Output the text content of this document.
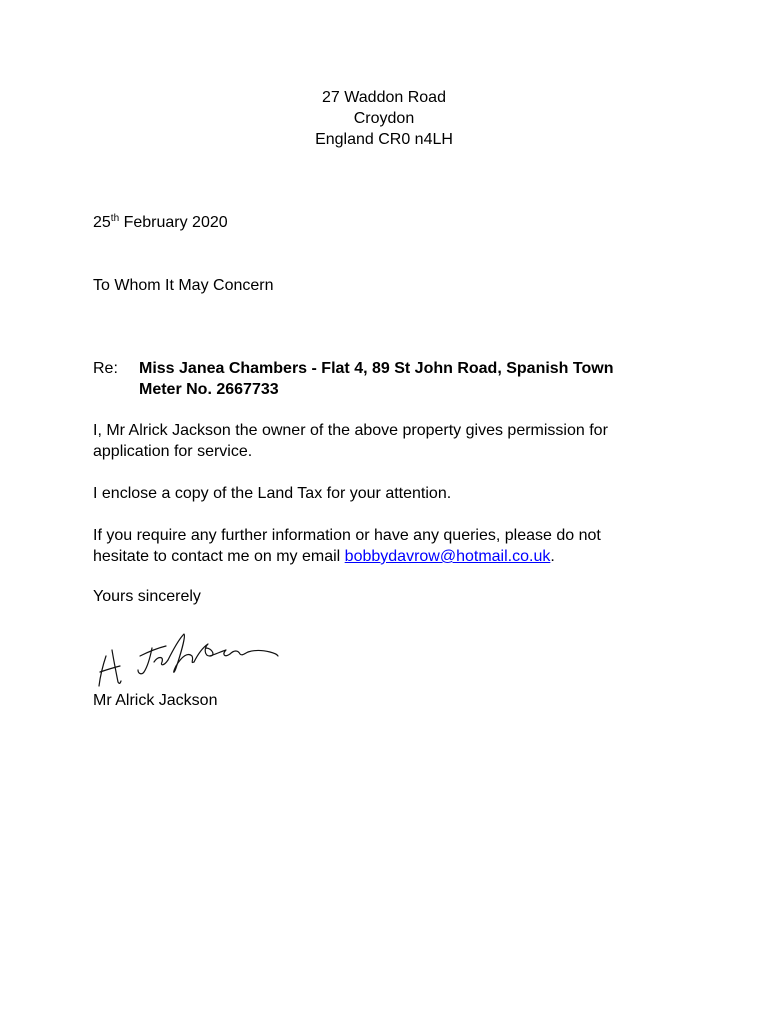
27 Waddon Road
Croydon
England CR0 n4LH
25th February 2020
To Whom It May Concern
Re: Miss Janea Chambers - Flat 4, 89 St John Road, Spanish Town
Meter No. 2667733
I, Mr Alrick Jackson the owner of the above property gives permission for
application for service.
I enclose a copy of the Land Tax for your attention.
If you require any further information or have any queries, please do not
hesitate to contact me on my email bobbydavrow@hotmail.co.uk.
Yours sincerely
Mr Alrick Jackson
